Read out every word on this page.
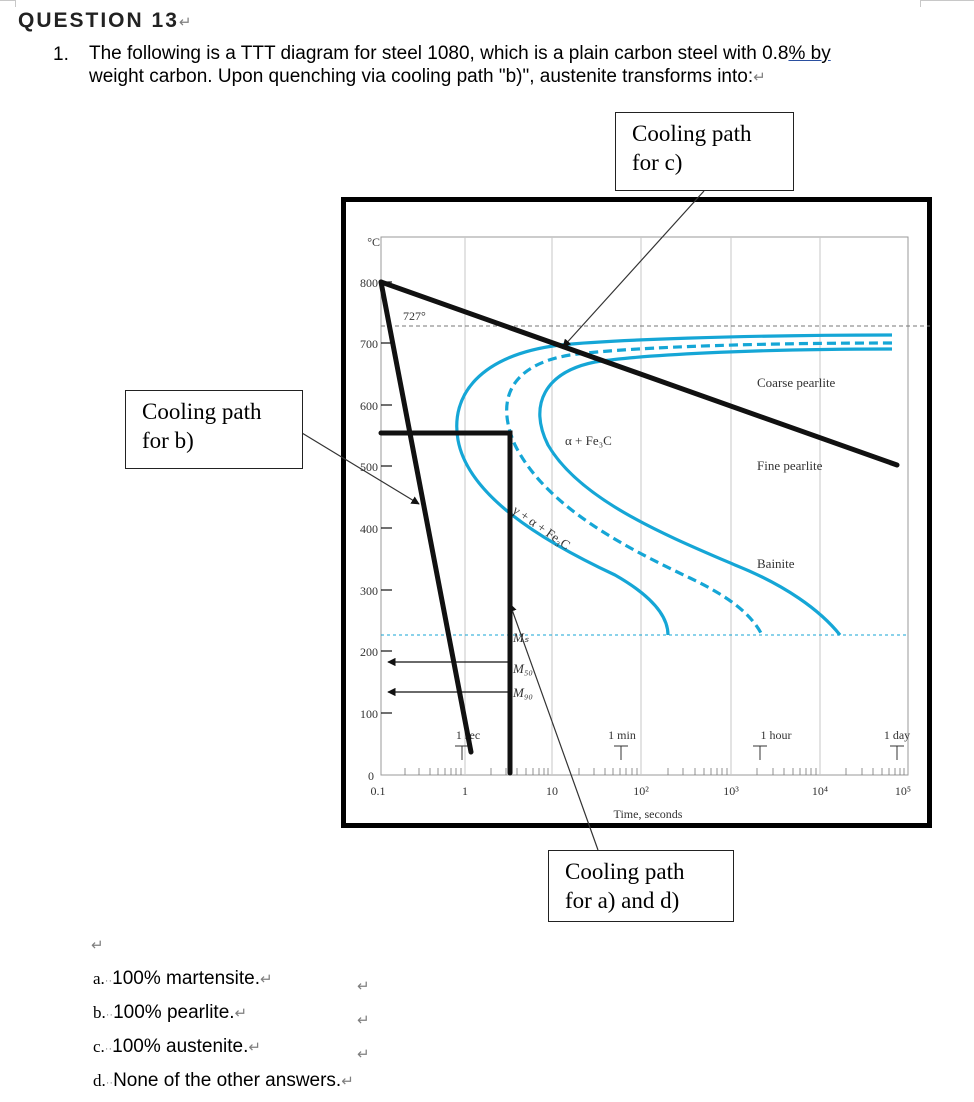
QUESTION 13↵
1. The following is a TTT diagram for steel 1080, which is a plain carbon steel with 0.8% by
weight carbon. Upon quenching via cooling path "b)", austenite transforms into:↵
°C
800
700
600
500
400
300
200
100
0
0.1	1	10	10²	10³	10⁴	10⁵
Time, seconds
1 sec	1 min	1 hour	1 day
727°
α + Fe₃C
γ + α + Fe₃C
Coarse pearlite
Fine pearlite
Bainite
Mₛ
M₅₀
M₉₀
Cooling path
for c)
Cooling path
for b)
Cooling path
for a) and d)
↵
a.··100% martensite.↵	↵
b.··100% pearlite.↵	↵
c.··100% austenite.↵	↵
d.··None of the other answers.↵
